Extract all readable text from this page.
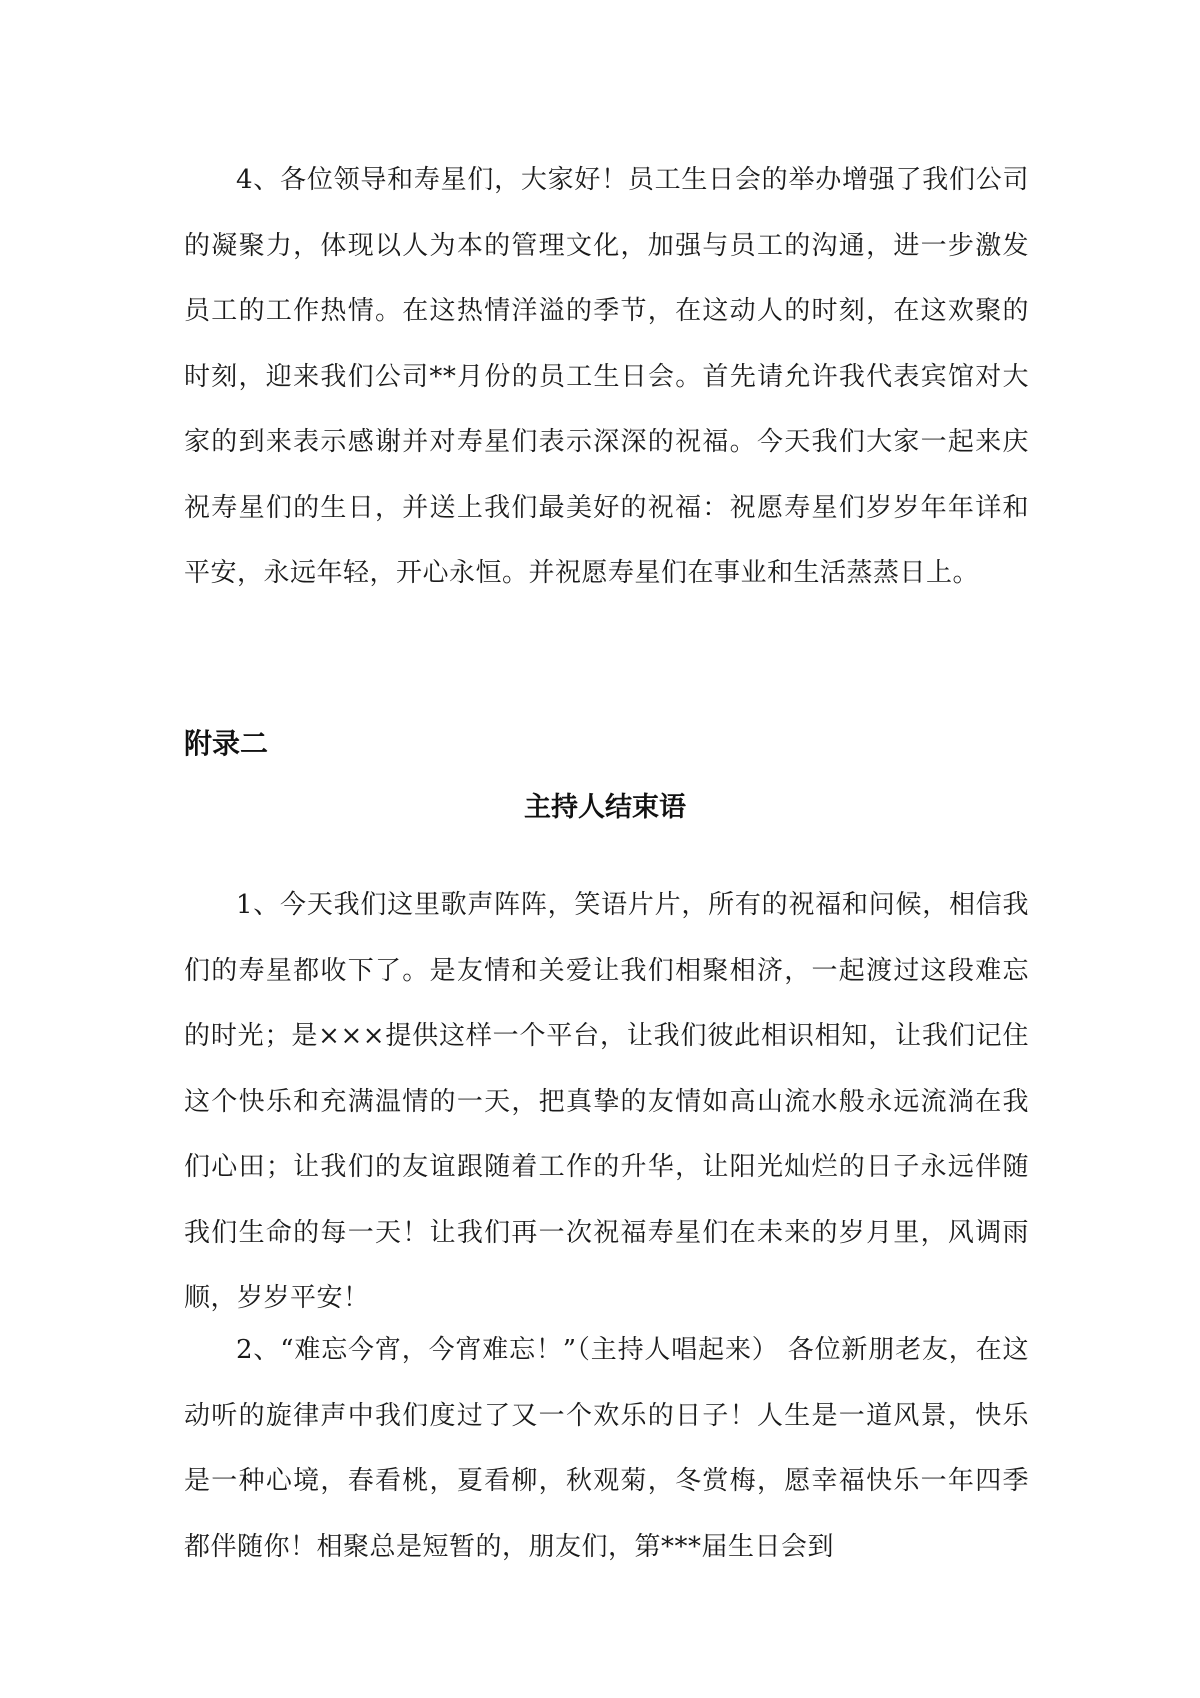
4、各位领导和寿星们，大家好！员工生日会的举办增强了我们公司的凝聚力，体现以人为本的管理文化，加强与员工的沟通，进一步激发员工的工作热情。在这热情洋溢的季节，在这动人的时刻，在这欢聚的时刻，迎来我们公司**月份的员工生日会。首先请允许我代表宾馆对大家的到来表示感谢并对寿星们表示深深的祝福。今天我们大家一起来庆祝寿星们的生日，并送上我们最美好的祝福：祝愿寿星们岁岁年年详和平安，永远年轻，开心永恒。并祝愿寿星们在事业和生活蒸蒸日上。

附录二
主持人结束语

1、今天我们这里歌声阵阵，笑语片片，所有的祝福和问候，相信我们的寿星都收下了。是友情和关爱让我们相聚相济，一起渡过这段难忘的时光；是×××提供这样一个平台，让我们彼此相识相知，让我们记住这个快乐和充满温情的一天，把真挚的友情如高山流水般永远流淌在我们心田；让我们的友谊跟随着工作的升华，让阳光灿烂的日子永远伴随我们生命的每一天！让我们再一次祝福寿星们在未来的岁月里，风调雨顺，岁岁平安！

2、“难忘今宵，今宵难忘！”（主持人唱起来） 各位新朋老友，在这动听的旋律声中我们度过了又一个欢乐的日子！人生是一道风景，快乐是一种心境，春看桃，夏看柳，秋观菊，冬赏梅，愿幸福快乐一年四季都伴随你！相聚总是短暂的，朋友们，第***届生日会到
